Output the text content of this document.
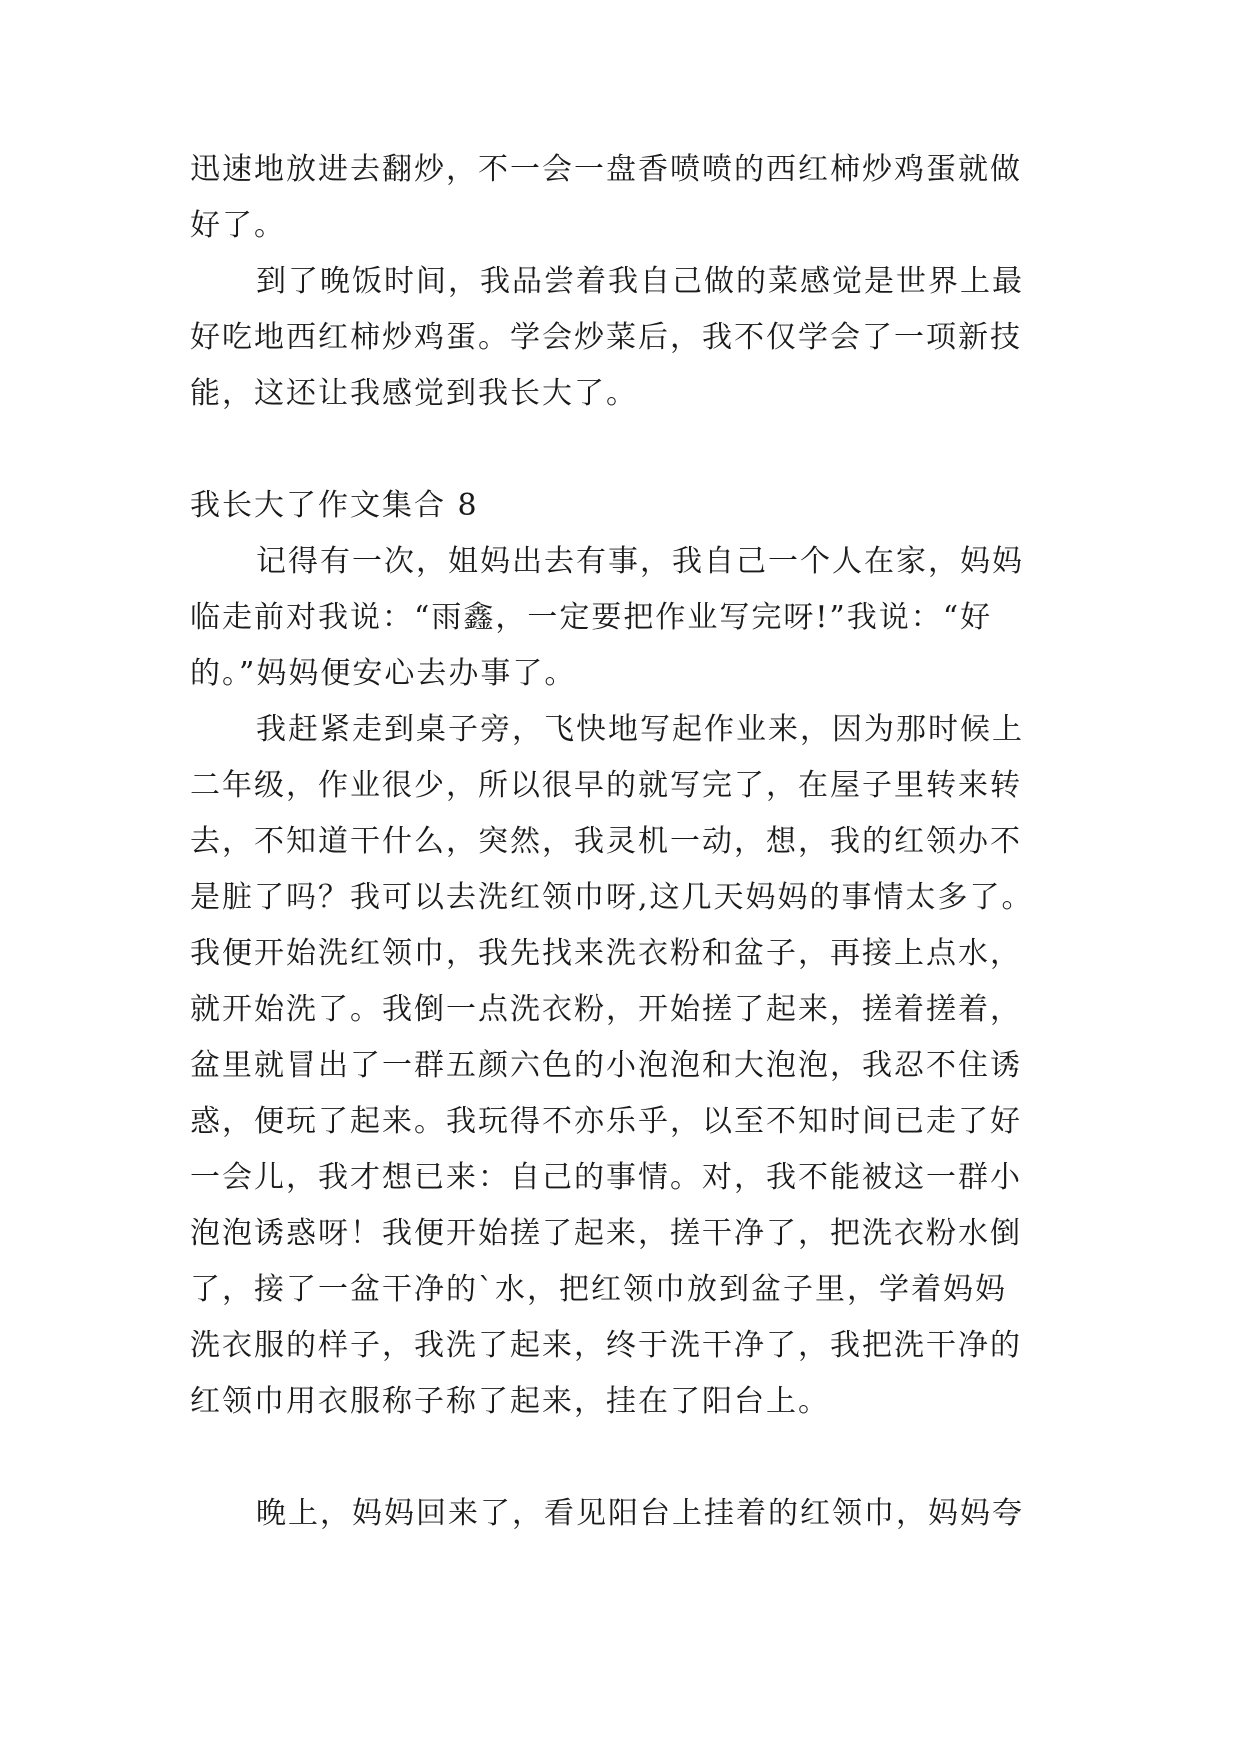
迅速地放进去翻炒，不一会一盘香喷喷的西红柿炒鸡蛋就做
好了。
到了晚饭时间，我品尝着我自己做的菜感觉是世界上最
好吃地西红柿炒鸡蛋。学会炒菜后，我不仅学会了一项新技
能，这还让我感觉到我长大了。
我长大了作文集合 8
记得有一次，姐妈出去有事，我自己一个人在家，妈妈
临走前对我说：“雨鑫，一定要把作业写完呀!”我说：“好
的。”妈妈便安心去办事了。
我赶紧走到桌子旁，飞快地写起作业来，因为那时候上
二年级，作业很少，所以很早的就写完了，在屋子里转来转
去，不知道干什么，突然，我灵机一动，想，我的红领办不
是脏了吗？我可以去洗红领巾呀,这几天妈妈的事情太多了。
我便开始洗红领巾，我先找来洗衣粉和盆子，再接上点水，
就开始洗了。我倒一点洗衣粉，开始搓了起来，搓着搓着，
盆里就冒出了一群五颜六色的小泡泡和大泡泡，我忍不住诱
惑，便玩了起来。我玩得不亦乐乎，以至不知时间已走了好
一会儿，我才想已来：自己的事情。对，我不能被这一群小
泡泡诱惑呀！我便开始搓了起来，搓干净了，把洗衣粉水倒
了，接了一盆干净的`水，把红领巾放到盆子里，学着妈妈
洗衣服的样子，我洗了起来，终于洗干净了，我把洗干净的
红领巾用衣服称子称了起来，挂在了阳台上。
晚上，妈妈回来了，看见阳台上挂着的红领巾，妈妈夸
